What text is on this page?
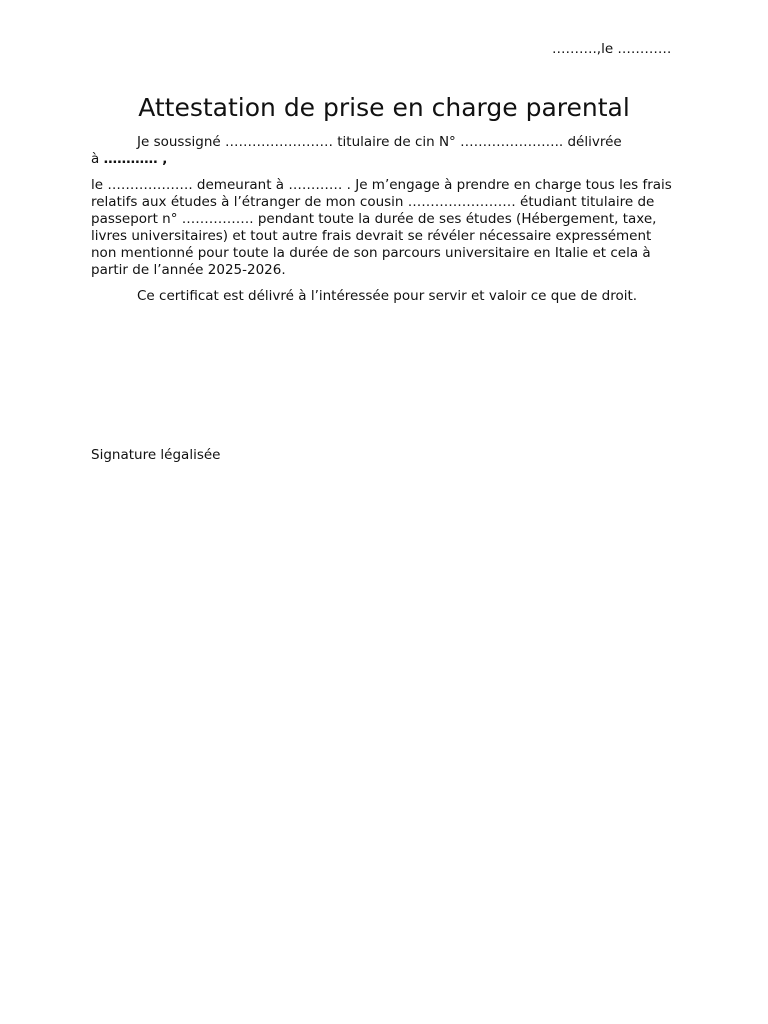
……….,le …………
Attestation de prise en charge parental

Je soussigné …………………… titulaire de cin N° ………………….. délivrée
à ………… ,

le ………………. demeurant à ………… . Je m’engage à prendre en charge tous les frais relatifs aux études à l’étranger de mon cousin …………………… étudiant titulaire de passeport n° ……………. pendant toute la durée de ses études (Hébergement, taxe, livres universitaires) et tout autre frais devrait se révéler nécessaire expressément non mentionné pour toute la durée de son parcours universitaire en Italie et cela à partir de l’année 2025-2026.

Ce certificat est délivré à l’intéressée pour servir et valoir ce que de droit.

Signature légalisée
